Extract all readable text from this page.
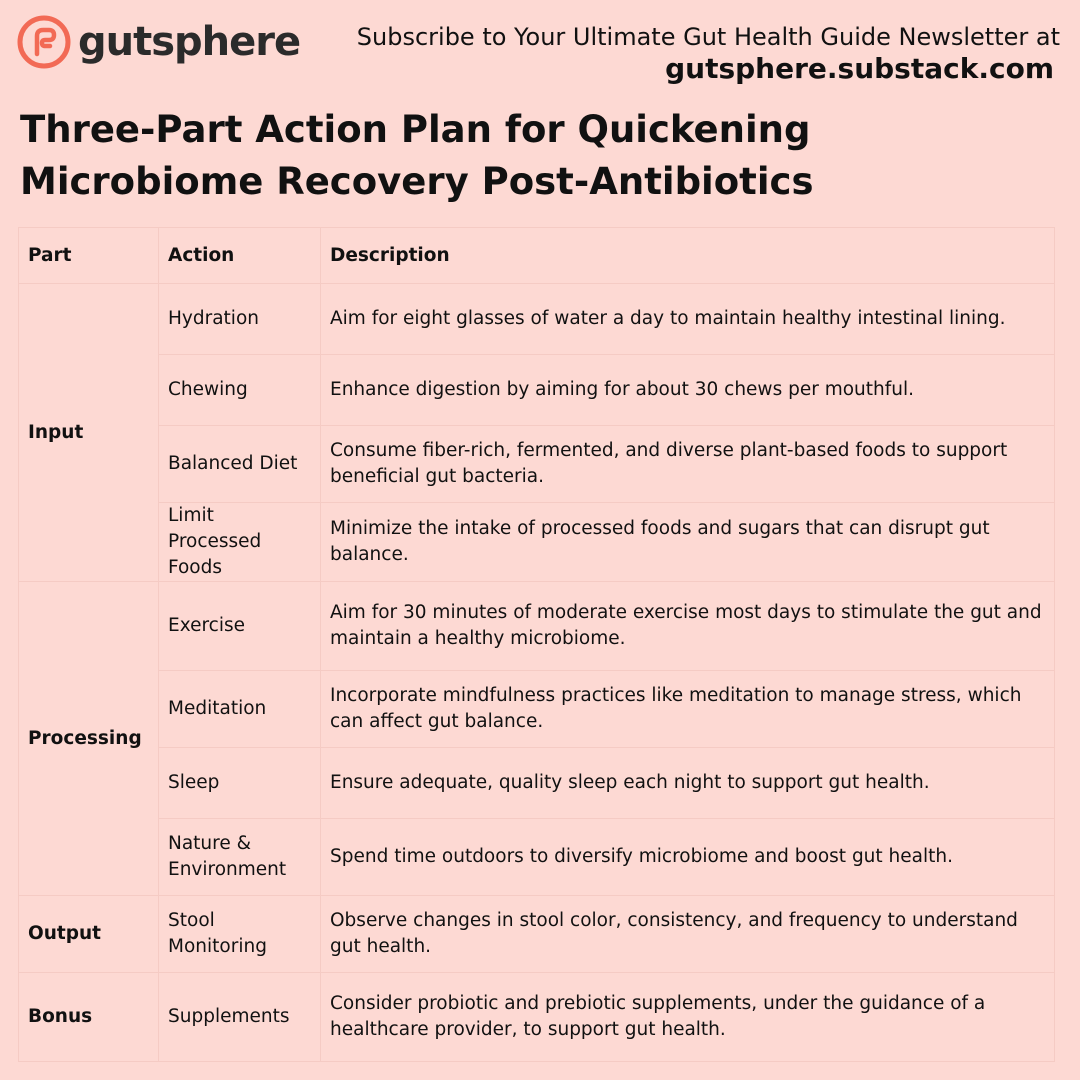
gutsphere Subscribe to Your Ultimate Gut Health Guide Newsletter at
gutsphere.substack.com
Three-Part Action Plan for Quickening Microbiome Recovery Post-Antibiotics
Part	Action	Description
Input	Hydration	Aim for eight glasses of water a day to maintain healthy intestinal lining.
	Chewing	Enhance digestion by aiming for about 30 chews per mouthful.
	Balanced Diet	Consume fiber-rich, fermented, and diverse plant-based foods to support beneficial gut bacteria.
	Limit Processed Foods	Minimize the intake of processed foods and sugars that can disrupt gut balance.
Processing	Exercise	Aim for 30 minutes of moderate exercise most days to stimulate the gut and maintain a healthy microbiome.
	Meditation	Incorporate mindfulness practices like meditation to manage stress, which can affect gut balance.
	Sleep	Ensure adequate, quality sleep each night to support gut health.
	Nature & Environment	Spend time outdoors to diversify microbiome and boost gut health.
Output	Stool Monitoring	Observe changes in stool color, consistency, and frequency to understand gut health.
Bonus	Supplements	Consider probiotic and prebiotic supplements, under the guidance of a healthcare provider, to support gut health.
